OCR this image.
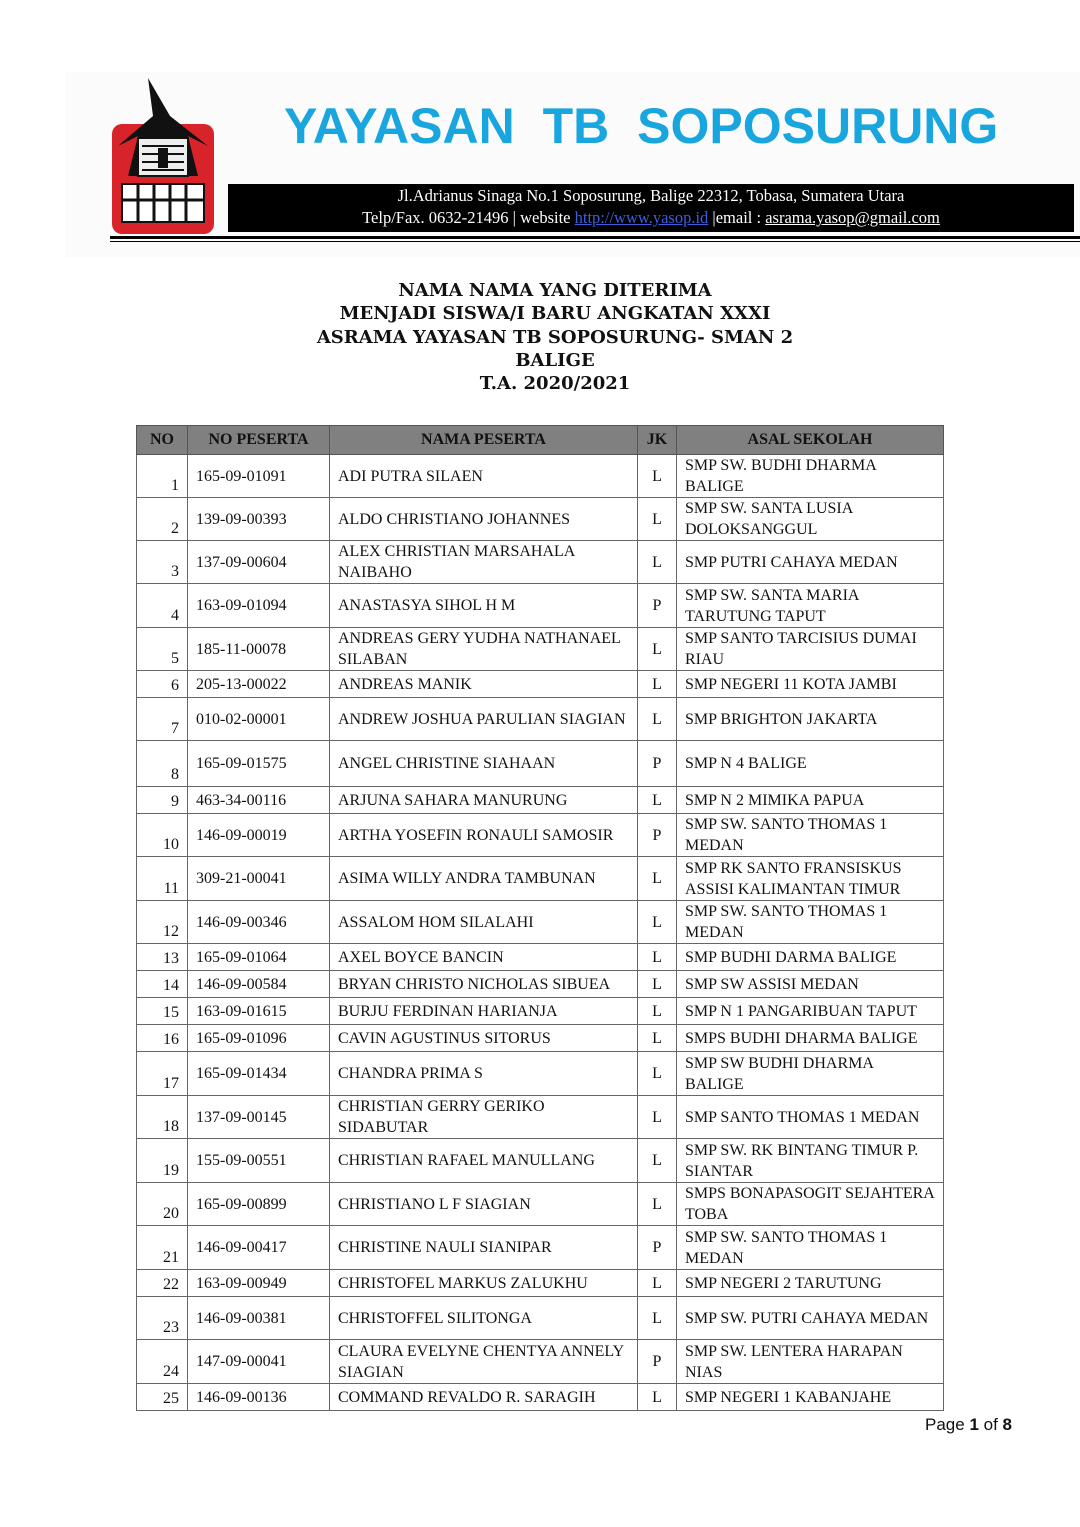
YAYASAN TB SOPOSURUNG
Jl.Adrianus Sinaga No.1 Soposurung, Balige 22312, Tobasa, Sumatera Utara
Telp/Fax. 0632-21496 | website http://www.yasop.id |email : asrama.yasop@gmail.com
NAMA NAMA YANG DITERIMA
MENJADI SISWA/I BARU ANGKATAN XXXI
ASRAMA YAYASAN TB SOPOSURUNG- SMAN 2
BALIGE
T.A. 2020/2021
NO	NO PESERTA	NAMA PESERTA	JK	ASAL SEKOLAH
1	165-09-01091	ADI PUTRA SILAEN	L	SMP SW. BUDHI DHARMA BALIGE
2	139-09-00393	ALDO CHRISTIANO JOHANNES	L	SMP SW. SANTA LUSIA DOLOKSANGGUL
3	137-09-00604	ALEX CHRISTIAN MARSAHALA NAIBAHO	L	SMP PUTRI CAHAYA MEDAN
4	163-09-01094	ANASTASYA SIHOL H M	P	SMP SW. SANTA MARIA TARUTUNG TAPUT
5	185-11-00078	ANDREAS GERY YUDHA NATHANAEL SILABAN	L	SMP SANTO TARCISIUS DUMAI RIAU
6	205-13-00022	ANDREAS MANIK	L	SMP NEGERI 11 KOTA JAMBI
7	010-02-00001	ANDREW JOSHUA PARULIAN SIAGIAN	L	SMP BRIGHTON JAKARTA
8	165-09-01575	ANGEL CHRISTINE SIAHAAN	P	SMP N 4 BALIGE
9	463-34-00116	ARJUNA SAHARA MANURUNG	L	SMP N 2 MIMIKA PAPUA
10	146-09-00019	ARTHA YOSEFIN RONAULI SAMOSIR	P	SMP SW. SANTO THOMAS 1 MEDAN
11	309-21-00041	ASIMA WILLY ANDRA TAMBUNAN	L	SMP RK SANTO FRANSISKUS ASSISI KALIMANTAN TIMUR
12	146-09-00346	ASSALOM HOM SILALAHI	L	SMP SW. SANTO THOMAS 1 MEDAN
13	165-09-01064	AXEL BOYCE BANCIN	L	SMP BUDHI DARMA BALIGE
14	146-09-00584	BRYAN CHRISTO NICHOLAS SIBUEA	L	SMP SW ASSISI MEDAN
15	163-09-01615	BURJU FERDINAN HARIANJA	L	SMP N 1 PANGARIBUAN TAPUT
16	165-09-01096	CAVIN AGUSTINUS SITORUS	L	SMPS BUDHI DHARMA BALIGE
17	165-09-01434	CHANDRA PRIMA S	L	SMP SW BUDHI DHARMA BALIGE
18	137-09-00145	CHRISTIAN GERRY GERIKO SIDABUTAR	L	SMP SANTO THOMAS 1 MEDAN
19	155-09-00551	CHRISTIAN RAFAEL MANULLANG	L	SMP SW. RK BINTANG TIMUR P. SIANTAR
20	165-09-00899	CHRISTIANO L F SIAGIAN	L	SMPS BONAPASOGIT SEJAHTERA TOBA
21	146-09-00417	CHRISTINE NAULI SIANIPAR	P	SMP SW. SANTO THOMAS 1 MEDAN
22	163-09-00949	CHRISTOFEL MARKUS ZALUKHU	L	SMP NEGERI 2 TARUTUNG
23	146-09-00381	CHRISTOFFEL SILITONGA	L	SMP SW. PUTRI CAHAYA MEDAN
24	147-09-00041	CLAURA EVELYNE CHENTYA ANNELY SIAGIAN	P	SMP SW. LENTERA HARAPAN NIAS
25	146-09-00136	COMMAND REVALDO R. SARAGIH	L	SMP NEGERI 1 KABANJAHE
Page 1 of 8
